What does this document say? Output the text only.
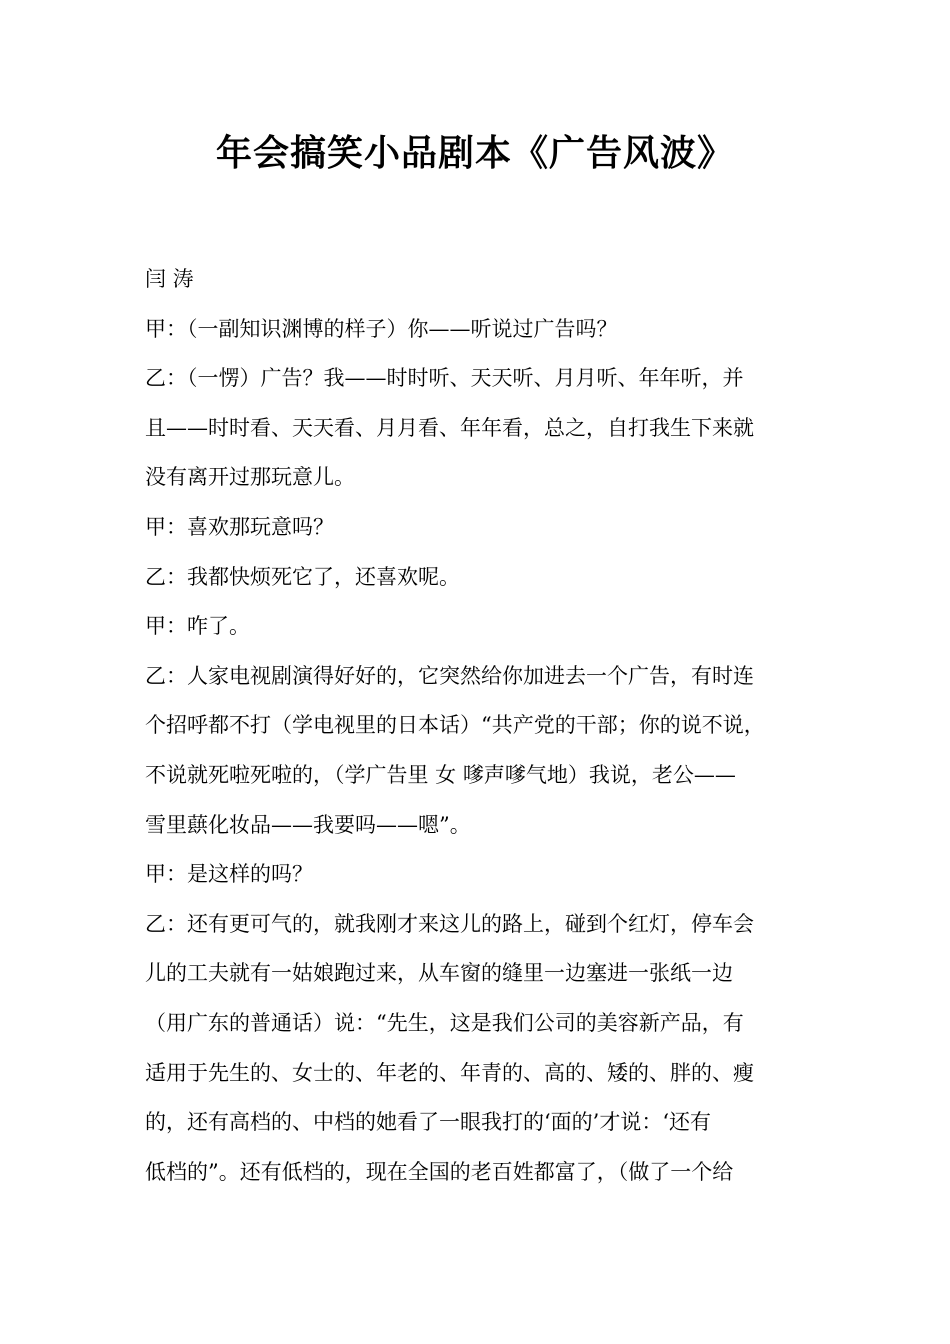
年会搞笑小品剧本《广告风波》

闫 涛

甲：（一副知识渊博的样子）你——听说过广告吗？
乙：（一愣）广告？我——时时听、天天听、月月听、年年听，并
且——时时看、天天看、月月看、年年看，总之，自打我生下来就
没有离开过那玩意儿。
甲：喜欢那玩意吗？
乙：我都快烦死它了，还喜欢呢。
甲：咋了。
乙：人家电视剧演得好好的，它突然给你加进去一个广告，有时连
个招呼都不打（学电视里的日本话）“共产党的干部；你的说不说，
不说就死啦死啦的，（学广告里 女 嗲声嗲气地）我说，老公——
雪里蕻化妆品——我要吗——嗯”。
甲：是这样的吗？
乙：还有更可气的，就我刚才来这儿的路上，碰到个红灯，停车会
儿的工夫就有一姑娘跑过来，从车窗的缝里一边塞进一张纸一边
（用广东的普通话）说：“先生，这是我们公司的美容新产品，有
适用于先生的、女士的、年老的、年青的、高的、矮的、胖的、瘦
的，还有高档的、中档的她看了一眼我打的‘面的’才说：‘还有
低档的”。还有低档的，现在全国的老百姓都富了，（做了一个给
